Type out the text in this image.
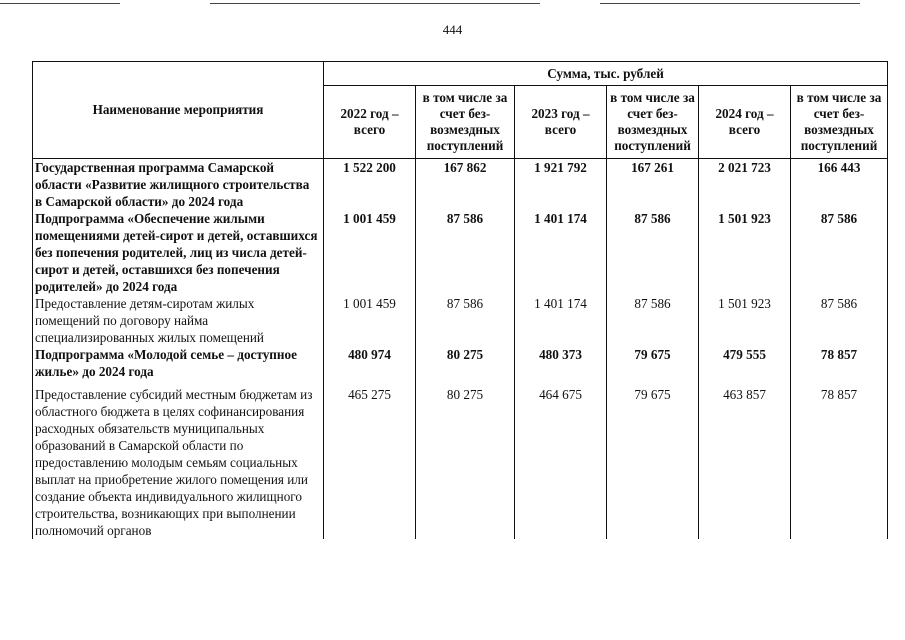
444
Наименование мероприятия	Сумма, тыс. рублей					
	2022 год – всего	в том числе за счет без-возмездных поступлений	2023 год – всего	в том числе за счет без-возмездных поступлений	2024 год – всего	в том числе за счет без-возмездных поступлений
Государственная программа Самарской области «Развитие жилищного строительства в Самарской области» до 2024 года	1 522 200	167 862	1 921 792	167 261	2 021 723	166 443
Подпрограмма «Обеспечение жилыми помещениями детей-сирот и детей, оставшихся без попечения родителей, лиц из числа детей-сирот и детей, оставшихся без попечения родителей» до 2024 года	1 001 459	87 586	1 401 174	87 586	1 501 923	87 586
Предоставление детям-сиротам жилых помещений по договору найма специализированных жилых помещений	1 001 459	87 586	1 401 174	87 586	1 501 923	87 586
Подпрограмма «Молодой семье – доступное жилье» до 2024 года	480 974	80 275	480 373	79 675	479 555	78 857
Предоставление субсидий местным бюджетам из областного бюджета в целях софинансирования расходных обязательств муниципальных образований в Самарской области по предоставлению молодым семьям социальных выплат на приобретение жилого помещения или создание объекта индивидуального жилищного строительства, возникающих при выполнении полномочий органов	465 275	80 275	464 675	79 675	463 857	78 857
